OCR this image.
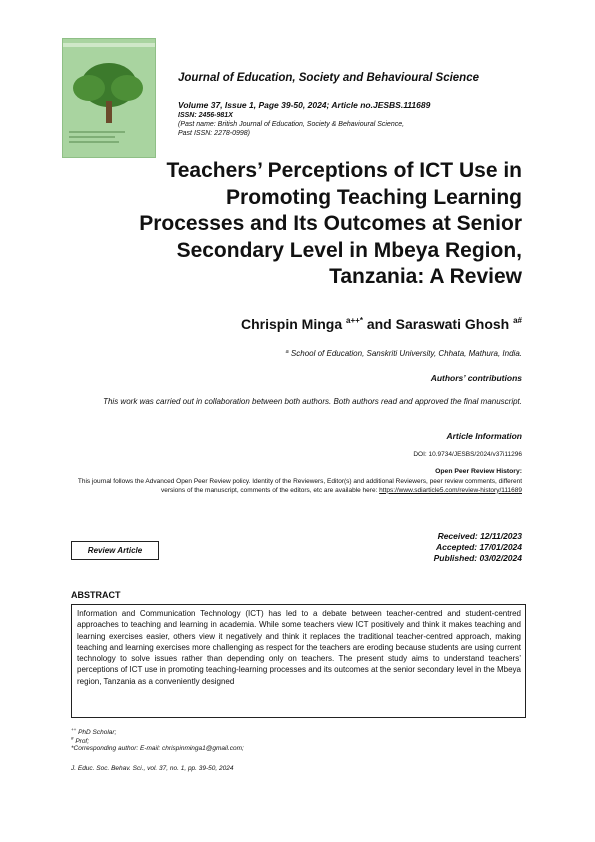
Journal of Education, Society and Behavioural Science
Volume 37, Issue 1, Page 39-50, 2024; Article no.JESBS.111689
ISSN: 2456-981X
(Past name: British Journal of Education, Society & Behavioural Science,
Past ISSN: 2278-0998)
Teachers’ Perceptions of ICT Use in
Promoting Teaching Learning
Processes and Its Outcomes at Senior
Secondary Level in Mbeya Region,
Tanzania: A Review
Chrispin Minga $^{a++*}$ and Saraswati Ghosh $^{a\#}$
$^a$ School of Education, Sanskriti University, Chhata, Mathura, India.
Authors’ contributions
This work was carried out in collaboration between both authors. Both authors read and approved the final manuscript.
Article Information
DOI: 10.9734/JESBS/2024/v37i11296
Open Peer Review History:
This journal follows the Advanced Open Peer Review policy. Identity of the Reviewers, Editor(s) and additional Reviewers, peer review comments, different versions of the manuscript, comments of the editors, etc are available here: https://www.sdiarticle5.com/review-history/111689
Review Article
Received: 12/11/2023
Accepted: 17/01/2024
Published: 03/02/2024
ABSTRACT
Information and Communication Technology (ICT) has led to a debate between teacher-centred and student-centred approaches to teaching and learning in academia. While some teachers view ICT positively and think it makes teaching and learning exercises easier, others view it negatively and think it replaces the traditional teacher-centred approach, making teaching and learning exercises more challenging as respect for the teachers are eroding because students are using current technology to solve issues rather than depending only on teachers. The present study aims to understand teachers’ perceptions of ICT use in promoting teaching-learning processes and its outcomes at the senior secondary level in the Mbeya region, Tanzania as a conveniently designed
++ PhD Scholar;
# Prof;
*Corresponding author: E-mail: chrispinminga1@gmail.com;
J. Educ. Soc. Behav. Sci., vol. 37, no. 1, pp. 39-50, 2024
